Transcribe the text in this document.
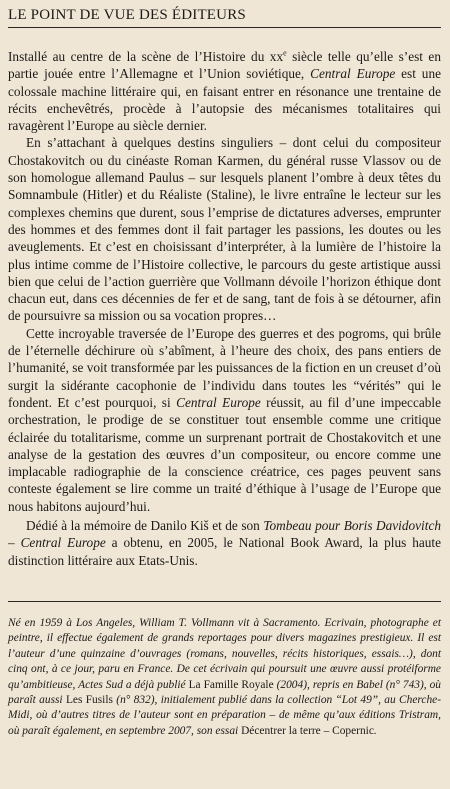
LE POINT DE VUE DES ÉDITEURS

Installé au centre de la scène de l’Histoire du $xx^e$ siècle telle qu’elle s’est en partie jouée entre l’Allemagne et l’Union soviétique, Central Europe est une colossale machine littéraire qui, en faisant entrer en résonance une trentaine de récits enchevêtrés, procède à l’autopsie des mécanismes totalitaires qui ravagèrent l’Europe au siècle dernier.

En s’attachant à quelques destins singuliers – dont celui du compositeur Chostakovitch ou du cinéaste Roman Karmen, du général russe Vlassov ou de son homologue allemand Paulus – sur lesquels planent l’ombre à deux têtes du Somnambule (Hitler) et du Réaliste (Staline), le livre entraîne le lecteur sur les complexes chemins que durent, sous l’emprise de dictatures adverses, emprunter des hommes et des femmes dont il fait partager les passions, les doutes ou les aveuglements. Et c’est en choisissant d’interpréter, à la lumière de l’histoire la plus intime comme de l’Histoire collective, le parcours du geste artistique aussi bien que celui de l’action guerrière que Vollmann dévoile l’horizon éthique dont chacun eut, dans ces décennies de fer et de sang, tant de fois à se détourner, afin de poursuivre sa mission ou sa vocation propres…

Cette incroyable traversée de l’Europe des guerres et des pogroms, qui brûle de l’éternelle déchirure où s’abîment, à l’heure des choix, des pans entiers de l’humanité, se voit transformée par les puissances de la fiction en un creuset d’où surgit la sidérante cacophonie de l’individu dans toutes les “vérités” qui le fondent. Et c’est pourquoi, si Central Europe réussit, au fil d’une impeccable orchestration, le prodige de se constituer tout ensemble comme une critique éclairée du totalitarisme, comme un surprenant portrait de Chostakovitch et une analyse de la gestation des œuvres d’un compositeur, ou encore comme une implacable radiographie de la conscience créatrice, ces pages peuvent sans conteste également se lire comme un traité d’éthique à l’usage de l’Europe que nous habitons aujourd’hui.

Dédié à la mémoire de Danilo Kiš et de son Tombeau pour Boris Davidovitch – Central Europe a obtenu, en 2005, le National Book Award, la plus haute distinction littéraire aux Etats-Unis.

Né en 1959 à Los Angeles, William T. Vollmann vit à Sacramento. Ecrivain, photographe et peintre, il effectue également de grands reportages pour divers magazines prestigieux. Il est l’auteur d’une quinzaine d’ouvrages (romans, nouvelles, récits historiques, essais…), dont cinq ont, à ce jour, paru en France. De cet écrivain qui poursuit une œuvre aussi protéiforme qu’ambitieuse, Actes Sud a déjà publié La Famille Royale (2004), repris en Babel (n° 743), où paraît aussi Les Fusils (n° 832), initialement publié dans la collection “Lot 49”, au Cherche-Midi, où d’autres titres de l’auteur sont en préparation – de même qu’aux éditions Tristram, où paraît également, en septembre 2007, son essai Décentrer la terre – Copernic.
